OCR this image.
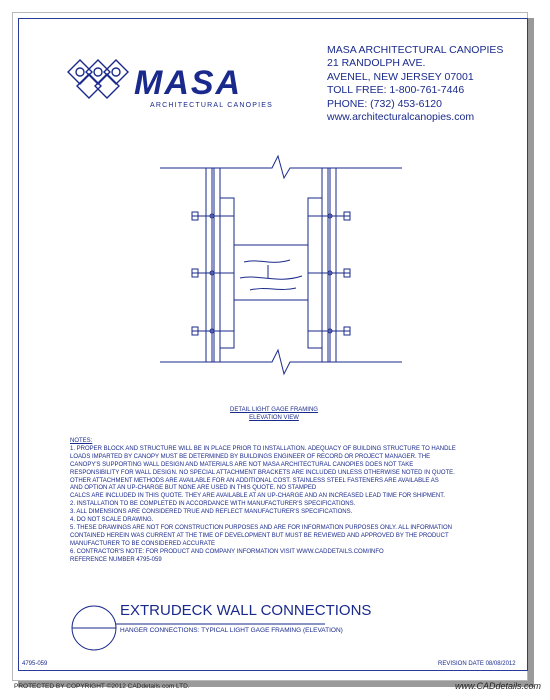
MASA
ARCHITECTURAL CANOPIES
MASA ARCHITECTURAL CANOPIES
21 RANDOLPH AVE.
AVENEL, NEW JERSEY 07001
TOLL FREE: 1-800-761-7446
PHONE: (732) 453-6120
www.architecturalcanopies.com
DETAIL LIGHT GAGE FRAMING
ELEVATION VIEW
NOTES:
1. PROPER BLOCK AND STRUCTURE WILL BE IN PLACE PRIOR TO INSTALLATION. ADEQUACY OF BUILDING STRUCTURE TO HANDLE
LOADS IMPARTED BY CANOPY MUST BE DETERMINED BY BUILDINGS ENGINEER OF RECORD OR PROJECT MANAGER. THE
CANOPY'S SUPPORTING WALL DESIGN AND MATERIALS ARE NOT MASA ARCHITECTURAL CANOPIES DOES NOT TAKE
RESPONSIBILITY FOR WALL DESIGN. NO SPECIAL ATTACHMENT BRACKETS ARE INCLUDED UNLESS OTHERWISE NOTED IN QUOTE.
OTHER ATTACHMENT METHODS ARE AVAILABLE FOR AN ADDITIONAL COST. STAINLESS STEEL FASTENERS ARE AVAILABLE AS
AND OPTION AT AN UP-CHARGE BUT NONE ARE USED IN THIS QUOTE. NO STAMPED
CALCS ARE INCLUDED IN THIS QUOTE. THEY ARE AVAILABLE AT AN UP-CHARGE AND AN INCREASED LEAD TIME FOR SHIPMENT.
2. INSTALLATION TO BE COMPLETED IN ACCORDANCE WITH MANUFACTURER'S SPECIFICATIONS.
3. ALL DIMENSIONS ARE CONSIDERED TRUE AND REFLECT MANUFACTURER'S SPECIFICATIONS.
4. DO NOT SCALE DRAWING.
5. THESE DRAWINGS ARE NOT FOR CONSTRUCTION PURPOSES AND ARE FOR INFORMATION PURPOSES ONLY. ALL INFORMATION
CONTAINED HEREIN WAS CURRENT AT THE TIME OF DEVELOPMENT BUT MUST BE REVIEWED AND APPROVED BY THE PRODUCT
MANUFACTURER TO BE CONSIDERED ACCURATE
6. CONTRACTOR'S NOTE: FOR PRODUCT AND COMPANY INFORMATION VISIT WWW.CADDETAILS.COM/INFO
REFERENCE NUMBER 4795-059
EXTRUDECK WALL CONNECTIONS
HANGER CONNECTIONS: TYPICAL LIGHT GAGE FRAMING (ELEVATION)
4795-059	REVISION DATE 08/08/2012
PROTECTED BY COPYRIGHT ©2012 CADdetails.com LTD.	www.CADdetails.com
